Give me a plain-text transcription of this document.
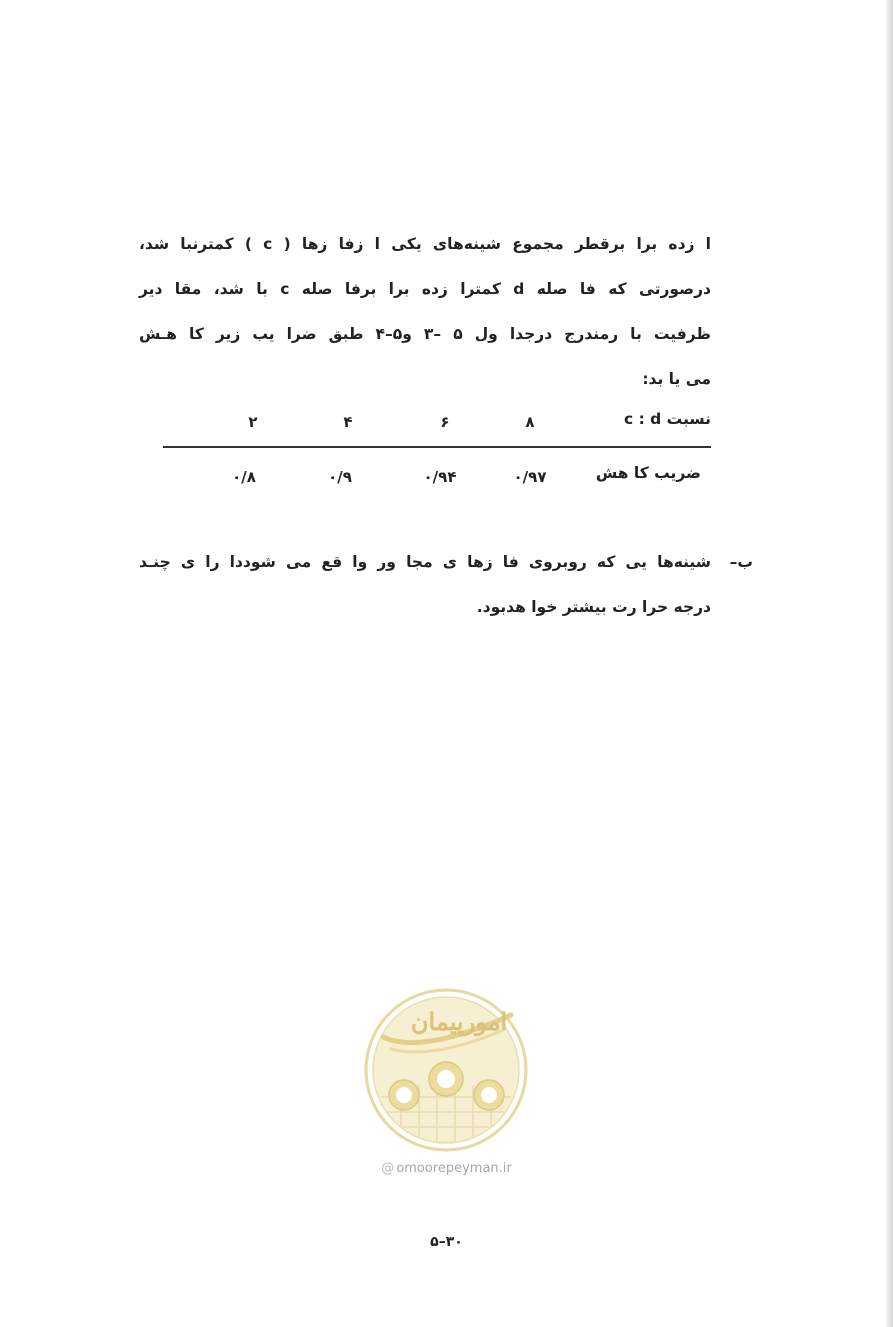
ا زده برا برقطر مجموع شینه‌های یکی ا زفا زها ( c ) کمترنبا شد،
درصورتی که فا صله d کمترا زده برا برفا صله c با شد، مقا دیر
ظرفیت با رمندرج درجدا ول ۵ –۳ و۵–۴ طبق ضرا یب زیر کا هـش
می یا بد:
نسبت c : d
۸
۶
۴
۲
ضریب کا هش
۰/۹۷
۰/۹۴
۰/۹
۰/۸
ب–
شینه‌ها یی که روبروی فا زها ی مجا ور وا قع می شوددا را ی چنـد
درجه حرا رت بیشتر خوا هدبود.
امورپیمان
@ omoorepeyman.ir
۳۰–۵
